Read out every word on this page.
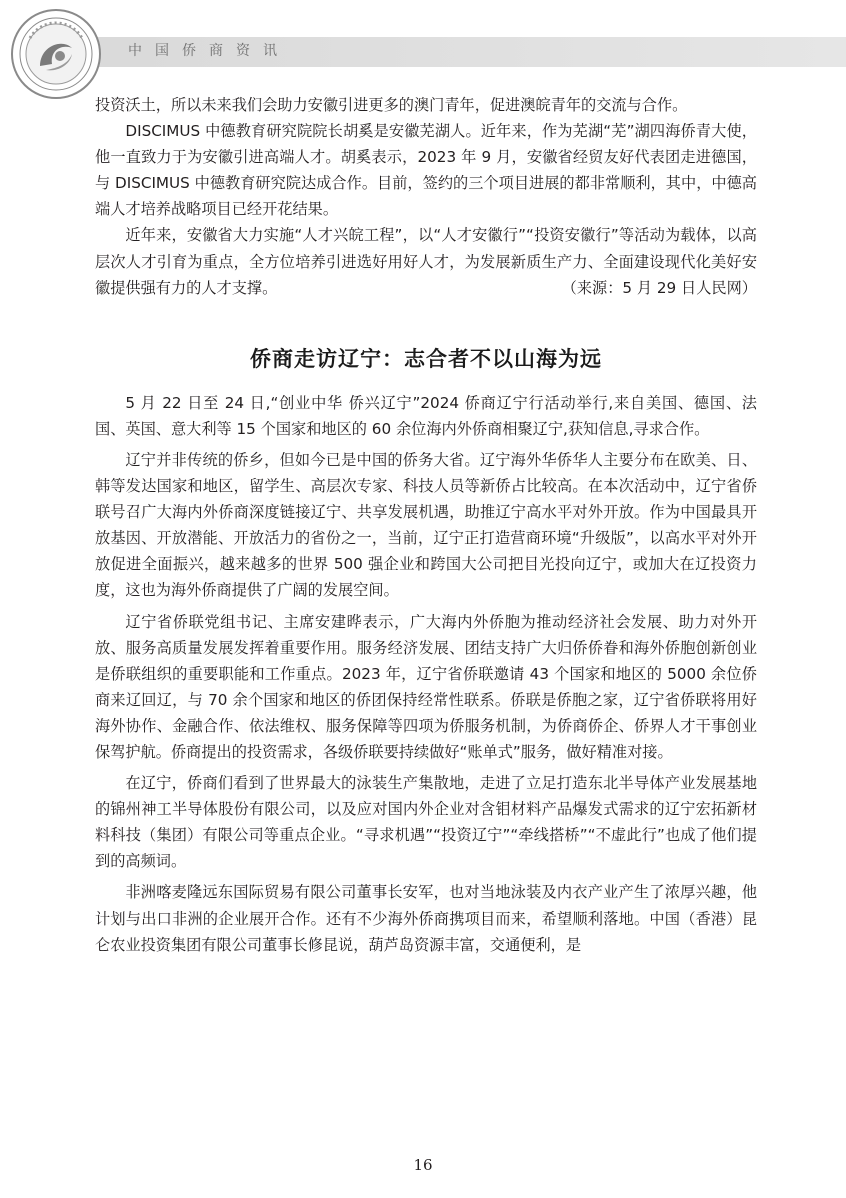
中国侨商资讯

投资沃土，所以未来我们会助力安徽引进更多的澳门青年，促进澳皖青年的交流与合作。

DISCIMUS 中德教育研究院院长胡奚是安徽芜湖人。近年来，作为芜湖“芜”湖四海侨青大使，他一直致力于为安徽引进高端人才。胡奚表示，2023 年 9 月，安徽省经贸友好代表团走进德国，与 DISCIMUS 中德教育研究院达成合作。目前，签约的三个项目进展的都非常顺利，其中，中德高端人才培养战略项目已经开花结果。

近年来，安徽省大力实施“人才兴皖工程”，以“人才安徽行”“投资安徽行”等活动为载体，以高层次人才引育为重点，全方位培养引进选好用好人才，为发展新质生产力、全面建设现代化美好安徽提供强有力的人才支撑。	（来源：5 月 29 日人民网）

侨商走访辽宁：志合者不以山海为远

5 月 22 日至 24 日,“创业中华 侨兴辽宁”2024 侨商辽宁行活动举行,来自美国、德国、法国、英国、意大利等 15 个国家和地区的 60 余位海内外侨商相聚辽宁,获知信息,寻求合作。

辽宁并非传统的侨乡，但如今已是中国的侨务大省。辽宁海外华侨华人主要分布在欧美、日、韩等发达国家和地区，留学生、高层次专家、科技人员等新侨占比较高。在本次活动中，辽宁省侨联号召广大海内外侨商深度链接辽宁、共享发展机遇，助推辽宁高水平对外开放。作为中国最具开放基因、开放潜能、开放活力的省份之一，当前，辽宁正打造营商环境“升级版”，以高水平对外开放促进全面振兴，越来越多的世界 500 强企业和跨国大公司把目光投向辽宁，或加大在辽投资力度，这也为海外侨商提供了广阔的发展空间。

辽宁省侨联党组书记、主席安建晔表示，广大海内外侨胞为推动经济社会发展、助力对外开放、服务高质量发展发挥着重要作用。服务经济发展、团结支持广大归侨侨眷和海外侨胞创新创业是侨联组织的重要职能和工作重点。2023 年，辽宁省侨联邀请 43 个国家和地区的 5000 余位侨商来辽回辽，与 70 余个国家和地区的侨团保持经常性联系。侨联是侨胞之家，辽宁省侨联将用好海外协作、金融合作、依法维权、服务保障等四项为侨服务机制，为侨商侨企、侨界人才干事创业保驾护航。侨商提出的投资需求，各级侨联要持续做好“账单式”服务，做好精准对接。

在辽宁，侨商们看到了世界最大的泳装生产集散地，走进了立足打造东北半导体产业发展基地的锦州神工半导体股份有限公司，以及应对国内外企业对含钼材料产品爆发式需求的辽宁宏拓新材料科技（集团）有限公司等重点企业。“寻求机遇”“投资辽宁”“牵线搭桥”“不虚此行”也成了他们提到的高频词。

非洲喀麦隆远东国际贸易有限公司董事长安军，也对当地泳装及内衣产业产生了浓厚兴趣，他计划与出口非洲的企业展开合作。还有不少海外侨商携项目而来，希望顺利落地。中国（香港）昆仑农业投资集团有限公司董事长修昆说，葫芦岛资源丰富，交通便利，是

16
